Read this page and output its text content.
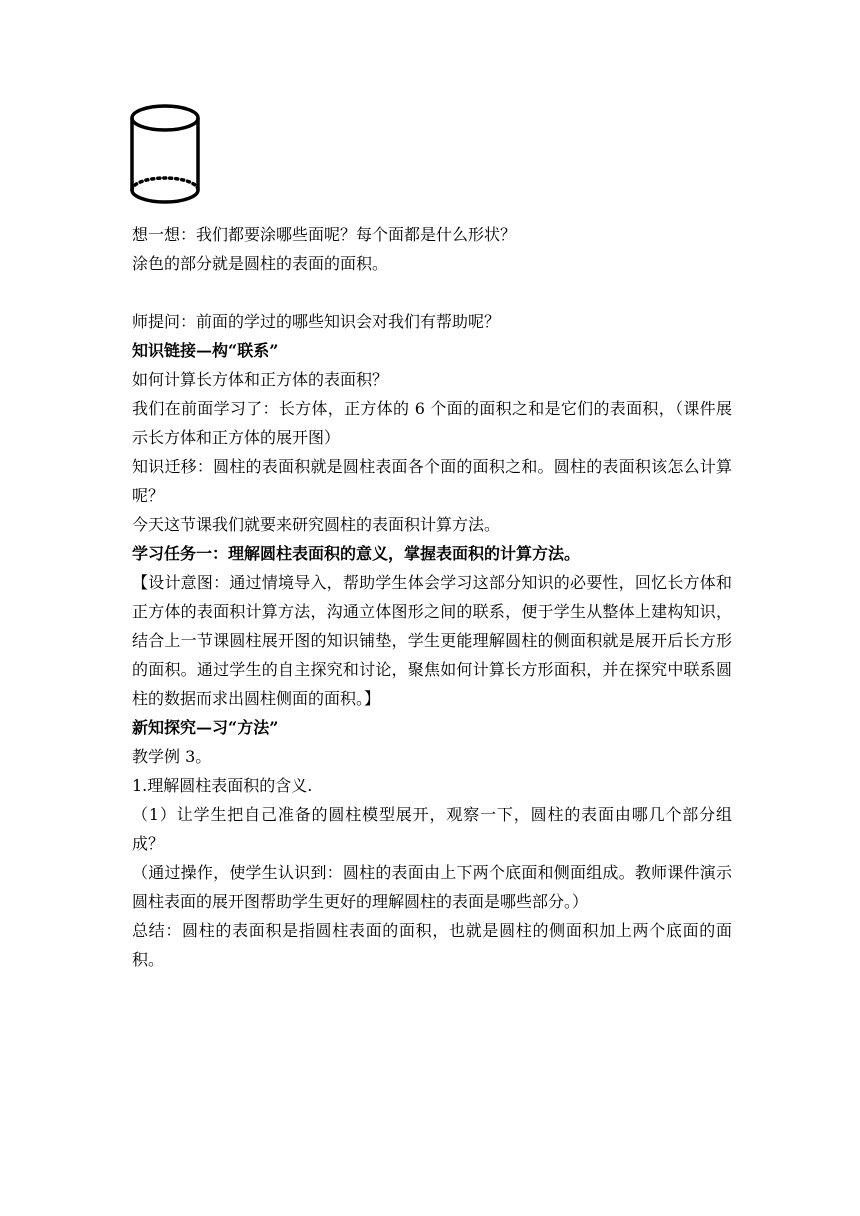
想一想：我们都要涂哪些面呢？每个面都是什么形状？

涂色的部分就是圆柱的表面的面积。

师提问：前面的学过的哪些知识会对我们有帮助呢？

知识链接—构“联系”

如何计算长方体和正方体的表面积？

我们在前面学习了：长方体，正方体的 6 个面的面积之和是它们的表面积，（课件展示长方体和正方体的展开图）

知识迁移：圆柱的表面积就是圆柱表面各个面的面积之和。圆柱的表面积该怎么计算呢？

今天这节课我们就要来研究圆柱的表面积计算方法。

学习任务一：理解圆柱表面积的意义，掌握表面积的计算方法。

【设计意图：通过情境导入，帮助学生体会学习这部分知识的必要性，回忆长方体和正方体的表面积计算方法，沟通立体图形之间的联系，便于学生从整体上建构知识，结合上一节课圆柱展开图的知识铺垫，学生更能理解圆柱的侧面积就是展开后长方形的面积。通过学生的自主探究和讨论，聚焦如何计算长方形面积，并在探究中联系圆柱的数据而求出圆柱侧面的面积。】

新知探究—习“方法”

教学例 3。

1.理解圆柱表面积的含义.

（1）让学生把自己准备的圆柱模型展开，观察一下，圆柱的表面由哪几个部分组成？

（通过操作，使学生认识到：圆柱的表面由上下两个底面和侧面组成。教师课件演示圆柱表面的展开图帮助学生更好的理解圆柱的表面是哪些部分。）

总结：圆柱的表面积是指圆柱表面的面积，也就是圆柱的侧面积加上两个底面的面积。
